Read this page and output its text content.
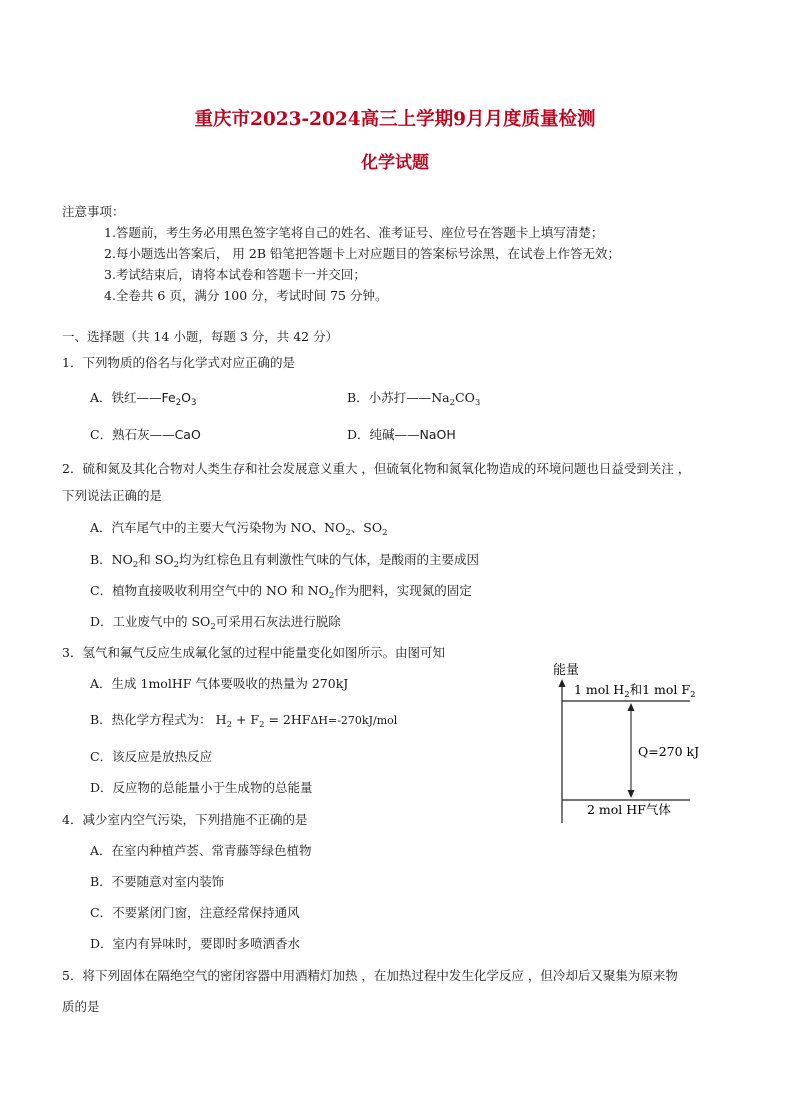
重庆市2023-2024高三上学期9月月度质量检测
化学试题
注意事项：
1.答题前，考生务必用黑色签字笔将自己的姓名、准考证号、座位号在答题卡上填写清楚；
2.每小题选出答案后， 用 2B 铅笔把答题卡上对应题目的答案标号涂黑，在试卷上作答无效；
3.考试结束后，请将本试卷和答题卡一并交回；
4.全卷共 6 页，满分 100 分，考试时间 75 分钟。
一、选择题（共 14 小题，每题 3 分，共 42 分）
1．下列物质的俗名与化学式对应正确的是
A．铁红$——Fe_2O_3$	B．小苏打$——Na_2CO_3$
C．熟石灰——CaO	D．纯碱——NaOH
2．硫和氮及其化合物对人类生存和社会发展意义重大 ，但硫氧化物和氮氧化物造成的环境问题也日益受到关注 ，
下列说法正确的是
A．汽车尾气中的主要大气污染物为 NO、$NO_2$、$SO_2$
B．$NO_2$和 $SO_2$均为红棕色且有刺激性气味的气体，是酸雨的主要成因
C．植物直接吸收利用空气中的 NO 和 $NO_2$作为肥料，实现氮的固定
D．工业废气中的 $SO_2$可采用石灰法进行脱除
3．氢气和氟气反应生成氟化氢的过程中能量变化如图所示。由图可知
A．生成 1molHF 气体要吸收的热量为 270kJ
B．热化学方程式为： $H_2 + F_2 = 2HF\Delta H=-270kJ/mol$
C．该反应是放热反应
D．反应物的总能量小于生成物的总能量
能量
1 mol $H_2$和1 mol $F_2$
Q=270 kJ
2 mol HF气体
4．减少室内空气污染，下列措施不正确的是
A．在室内种植芦荟、常青藤等绿色植物
B．不要随意对室内装饰
C．不要紧闭门窗，注意经常保持通风
D．室内有异味时，要即时多喷洒香水
5．将下列固体在隔绝空气的密闭容器中用酒精灯加热 ，在加热过程中发生化学反应 ，但冷却后又聚集为原来物
质的是
